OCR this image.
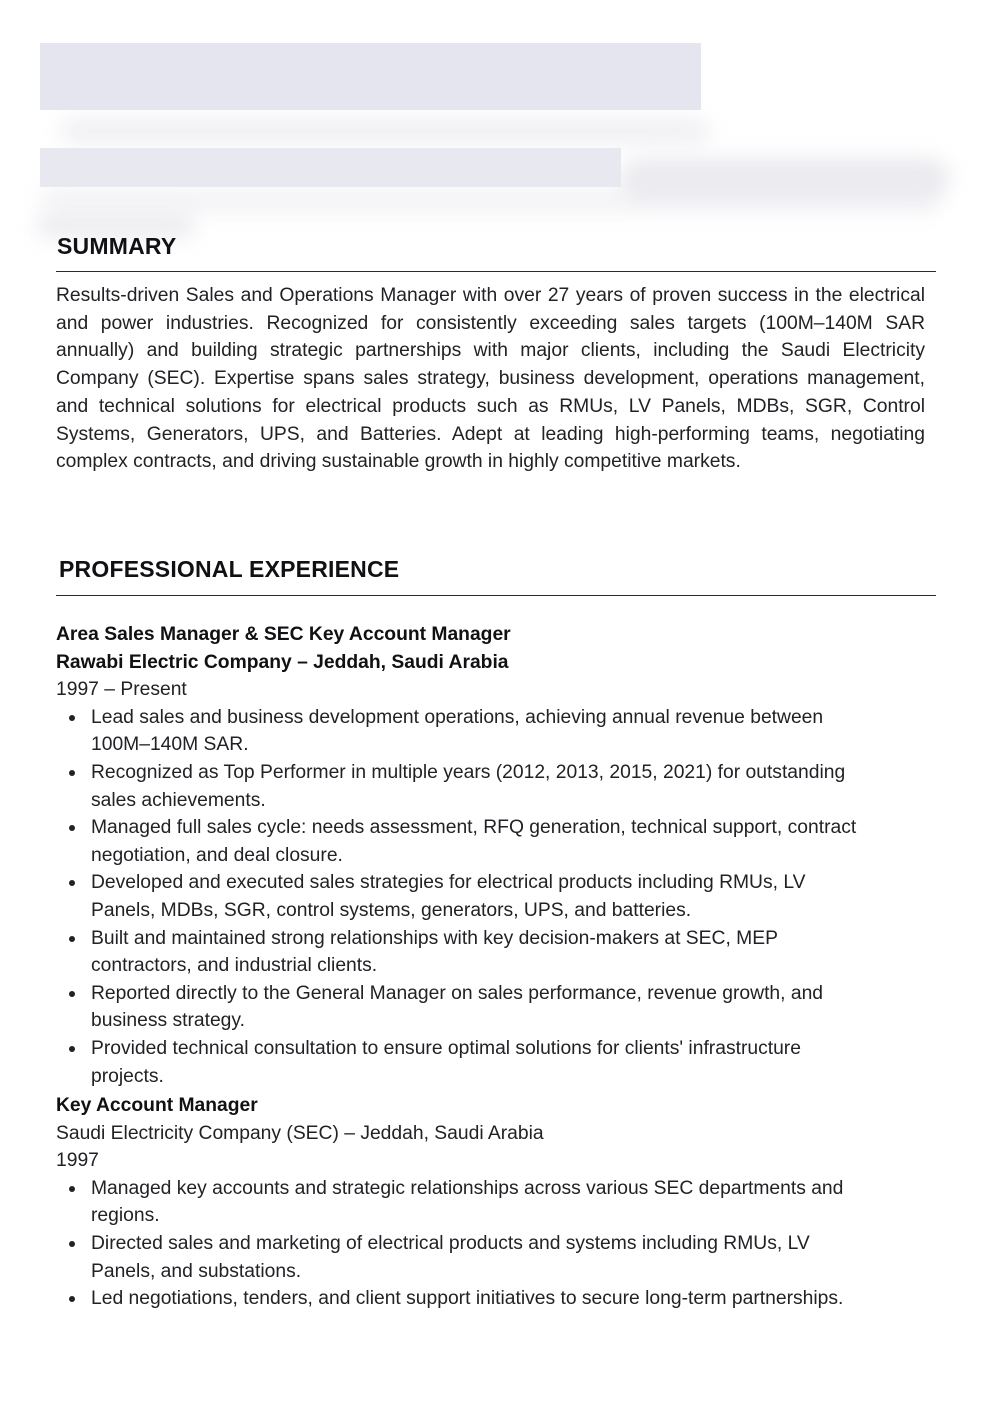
SUMMARY

Results-driven Sales and Operations Manager with over 27 years of proven success in the electrical and power industries. Recognized for consistently exceeding sales targets (100M–140M SAR annually) and building strategic partnerships with major clients, including the Saudi Electricity Company (SEC). Expertise spans sales strategy, business development, operations management, and technical solutions for electrical products such as RMUs, LV Panels, MDBs, SGR, Control Systems, Generators, UPS, and Batteries. Adept at leading high-performing teams, negotiating complex contracts, and driving sustainable growth in highly competitive markets.

PROFESSIONAL EXPERIENCE
Area Sales Manager & SEC Key Account Manager
Rawabi Electric Company – Jeddah, Saudi Arabia
1997 – Present
Lead sales and business development operations, achieving annual revenue between
100M–140M SAR.
Recognized as Top Performer in multiple years (2012, 2013, 2015, 2021) for outstanding
sales achievements.
Managed full sales cycle: needs assessment, RFQ generation, technical support, contract
negotiation, and deal closure.
Developed and executed sales strategies for electrical products including RMUs, LV
Panels, MDBs, SGR, control systems, generators, UPS, and batteries.
Built and maintained strong relationships with key decision-makers at SEC, MEP
contractors, and industrial clients.
Reported directly to the General Manager on sales performance, revenue growth, and
business strategy.
Provided technical consultation to ensure optimal solutions for clients' infrastructure
projects.
Key Account Manager
Saudi Electricity Company (SEC) – Jeddah, Saudi Arabia
1997
Managed key accounts and strategic relationships across various SEC departments and
regions.
Directed sales and marketing of electrical products and systems including RMUs, LV
Panels, and substations.
Led negotiations, tenders, and client support initiatives to secure long-term partnerships.
